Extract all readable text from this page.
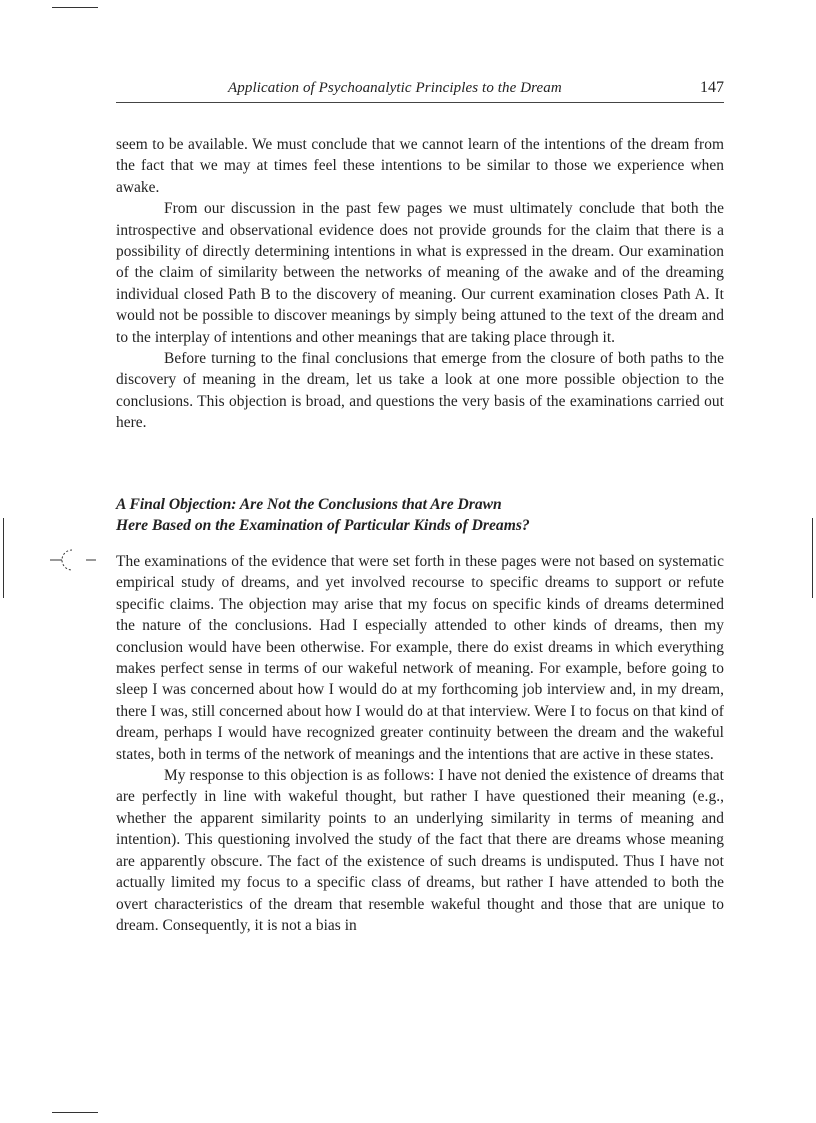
Application of Psychoanalytic Principles to the Dream	147

seem to be available. We must conclude that we cannot learn of the intentions of the dream from the fact that we may at times feel these intentions to be similar to those we experience when awake.

From our discussion in the past few pages we must ultimately conclude that both the introspective and observational evidence does not provide grounds for the claim that there is a possibility of directly determining intentions in what is expressed in the dream. Our examination of the claim of similarity between the networks of meaning of the awake and of the dreaming individual closed Path B to the discovery of meaning. Our current examination closes Path A. It would not be possible to discover meanings by simply being attuned to the text of the dream and to the interplay of intentions and other meanings that are taking place through it.

Before turning to the final conclusions that emerge from the closure of both paths to the discovery of meaning in the dream, let us take a look at one more possible objection to the conclusions. This objection is broad, and questions the very basis of the examinations carried out here.

A Final Objection: Are Not the Conclusions that Are Drawn
Here Based on the Examination of Particular Kinds of Dreams?

The examinations of the evidence that were set forth in these pages were not based on systematic empirical study of dreams, and yet involved recourse to specific dreams to support or refute specific claims. The objection may arise that my focus on specific kinds of dreams determined the nature of the conclusions. Had I especially attended to other kinds of dreams, then my conclusion would have been otherwise. For example, there do exist dreams in which everything makes perfect sense in terms of our wakeful network of meaning. For example, before going to sleep I was concerned about how I would do at my forthcoming job interview and, in my dream, there I was, still concerned about how I would do at that interview. Were I to focus on that kind of dream, perhaps I would have recognized greater continuity between the dream and the wakeful states, both in terms of the network of meanings and the intentions that are active in these states.

My response to this objection is as follows: I have not denied the existence of dreams that are perfectly in line with wakeful thought, but rather I have questioned their meaning (e.g., whether the apparent similarity points to an underlying similarity in terms of meaning and intention). This questioning involved the study of the fact that there are dreams whose meaning are apparently obscure. The fact of the existence of such dreams is undisputed. Thus I have not actually limited my focus to a specific class of dreams, but rather I have attended to both the overt characteristics of the dream that resemble wakeful thought and those that are unique to dream. Consequently, it is not a bias in
